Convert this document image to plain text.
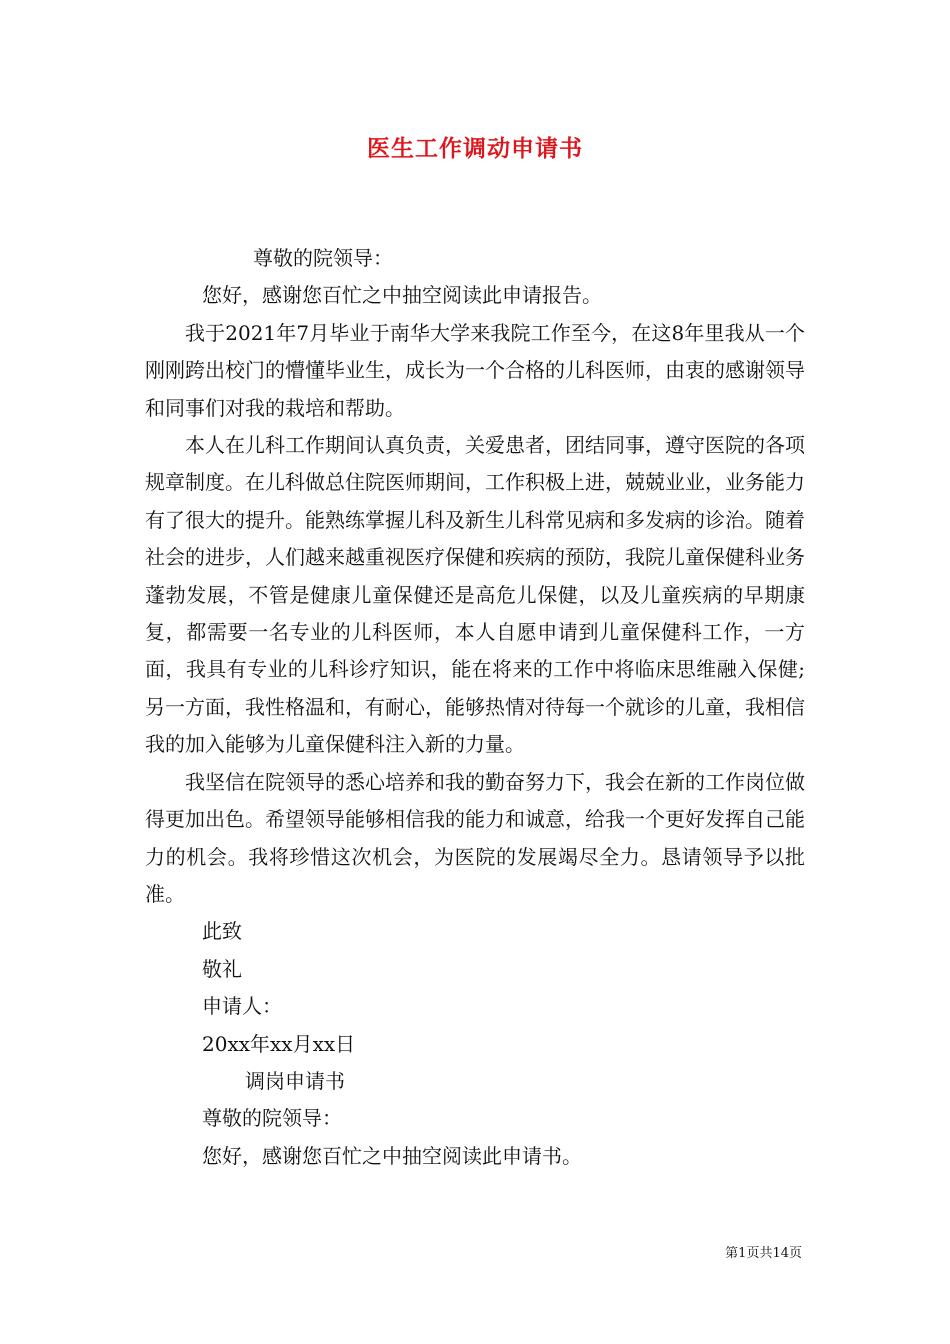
医生工作调动申请书

尊敬的院领导：

您好，感谢您百忙之中抽空阅读此申请报告。

我于2021年7月毕业于南华大学来我院工作至今，在这8年里我从一个刚刚跨出校门的懵懂毕业生，成长为一个合格的儿科医师，由衷的感谢领导和同事们对我的栽培和帮助。

本人在儿科工作期间认真负责，关爱患者，团结同事，遵守医院的各项规章制度。在儿科做总住院医师期间，工作积极上进，兢兢业业，业务能力有了很大的提升。能熟练掌握儿科及新生儿科常见病和多发病的诊治。随着社会的进步，人们越来越重视医疗保健和疾病的预防，我院儿童保健科业务蓬勃发展，不管是健康儿童保健还是高危儿保健，以及儿童疾病的早期康复，都需要一名专业的儿科医师，本人自愿申请到儿童保健科工作，一方面，我具有专业的儿科诊疗知识，能在将来的工作中将临床思维融入保健;另一方面，我性格温和，有耐心，能够热情对待每一个就诊的儿童，我相信我的加入能够为儿童保健科注入新的力量。

我坚信在院领导的悉心培养和我的勤奋努力下，我会在新的工作岗位做得更加出色。希望领导能够相信我的能力和诚意，给我一个更好发挥自己能力的机会。我将珍惜这次机会，为医院的发展竭尽全力。恳请领导予以批准。

此致

敬礼

申请人：

20xx年xx月xx日

调岗申请书

尊敬的院领导：

您好，感谢您百忙之中抽空阅读此申请书。

第1页共14页
